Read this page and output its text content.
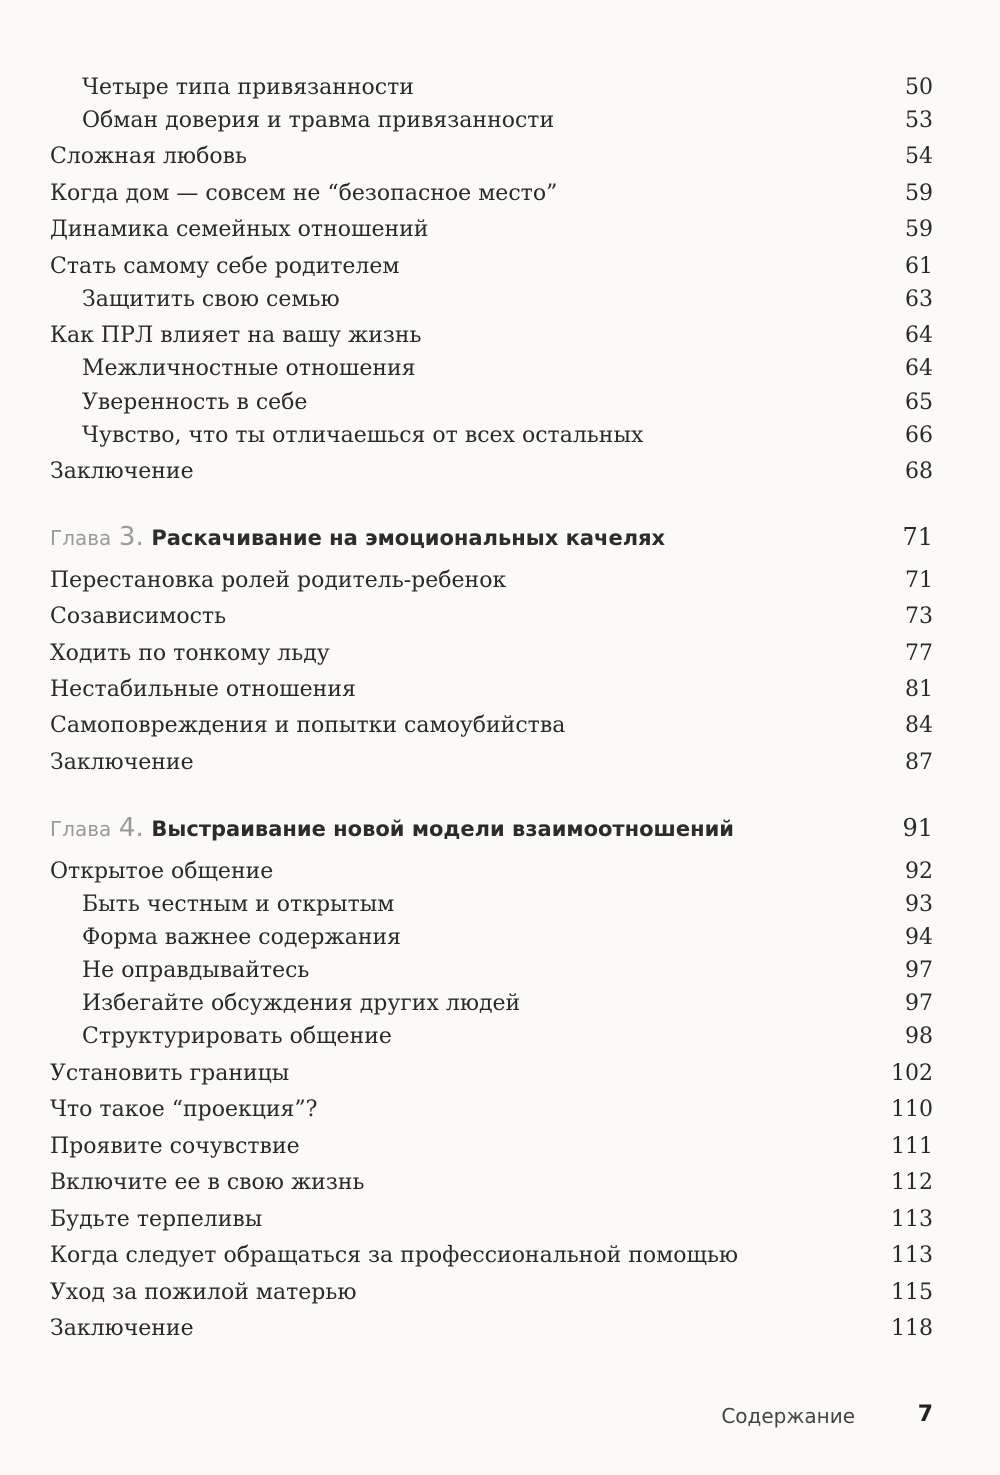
Четыре типа привязанности	50
Обман доверия и травма привязанности	53
Сложная любовь	54
Когда дом — совсем не “безопасное место”	59
Динамика семейных отношений	59
Стать самому себе родителем	61
Защитить свою семью	63
Как ПРЛ влияет на вашу жизнь	64
Межличностные отношения	64
Уверенность в себе	65
Чувство, что ты отличаешься от всех остальных	66
Заключение	68
Глава 3. Раскачивание на эмоциональных качелях	71
Перестановка ролей родитель-ребенок	71
Созависимость	73
Ходить по тонкому льду	77
Нестабильные отношения	81
Самоповреждения и попытки самоубийства	84
Заключение	87
Глава 4. Выстраивание новой модели взаимоотношений	91
Открытое общение	92
Быть честным и открытым	93
Форма важнее содержания	94
Не оправдывайтесь	97
Избегайте обсуждения других людей	97
Структурировать общение	98
Установить границы	102
Что такое “проекция”?	110
Проявите сочувствие	111
Включите ее в свою жизнь	112
Будьте терпеливы	113
Когда следует обращаться за профессиональной помощью	113
Уход за пожилой матерью	115
Заключение	118
Содержание	7
